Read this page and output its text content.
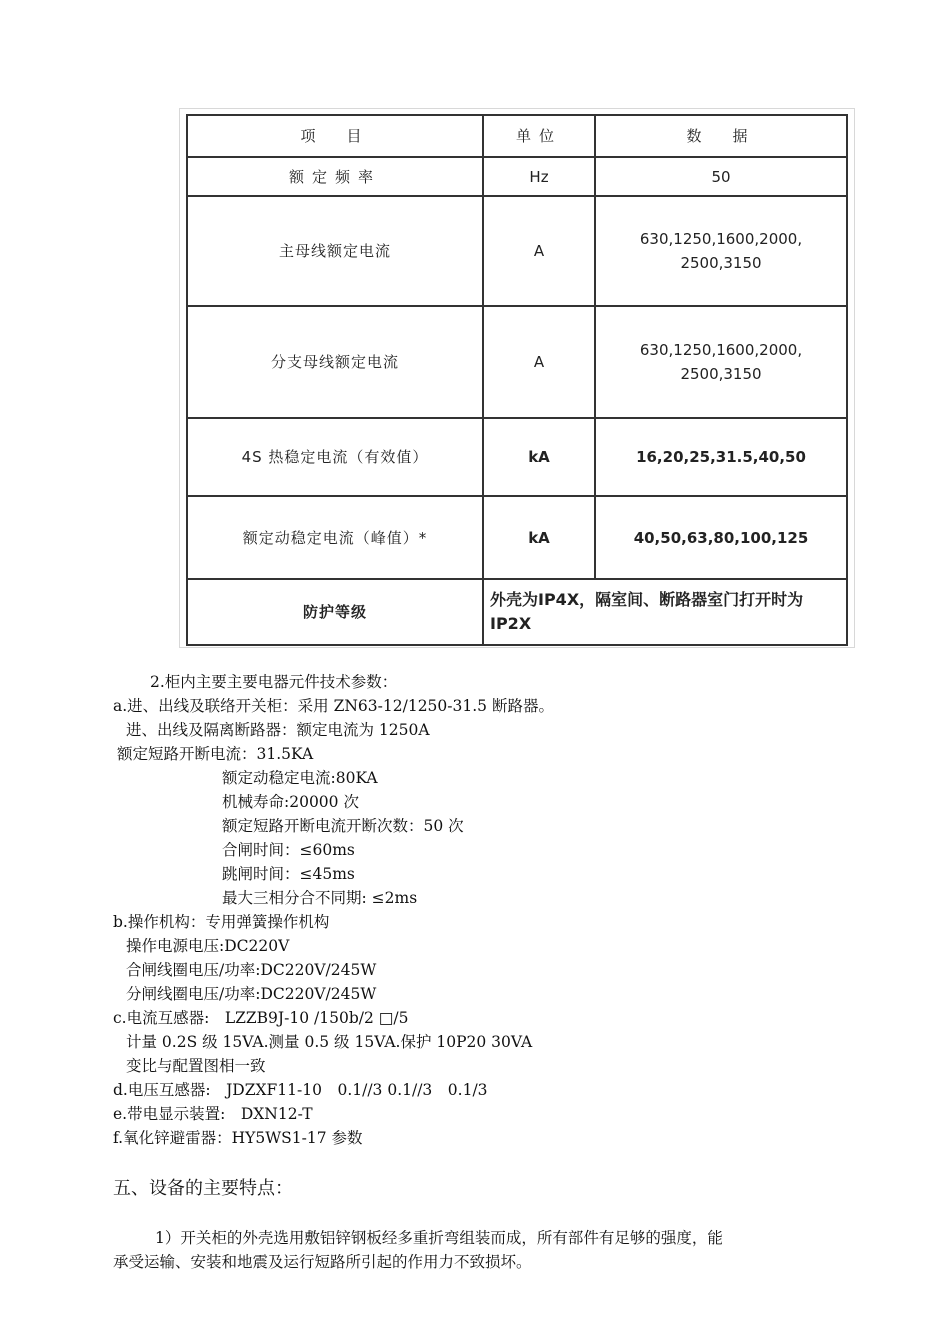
项　目	单位	数　据
额定频率	Hz	50
主母线额定电流	A	630,1250,1600,2000,
2500,3150
分支母线额定电流	A	630,1250,1600,2000,
2500,3150
4S 热稳定电流（有效值）	kA	16,20,25,31.5,40,50
额定动稳定电流（峰值）*	kA	40,50,63,80,100,125
防护等级	外壳为IP4X，隔室间、断路器室门打开时为IP2X	
2.柜内主要主要电器元件技术参数：
a.进、出线及联络开关柜：采用 ZN63-12/1250-31.5 断路器。
进、出线及隔离断路器：额定电流为 1250A
额定短路开断电流：31.5KA
额定动稳定电流:80KA
机械寿命:20000 次
额定短路开断电流开断次数：50 次
合闸时间：≤60ms
跳闸时间：≤45ms
最大三相分合不同期: ≤2ms
b.操作机构：专用弹簧操作机构
操作电源电压:DC220V
合闸线圈电压/功率:DC220V/245W
分闸线圈电压/功率:DC220V/245W
c.电流互感器:　LZZB9J-10 /150b/2 □/5
计量 0.2S 级 15VA.测量 0.5 级 15VA.保护 10P20 30VA
变比与配置图相一致
d.电压互感器:　JDZXF11-10　0.1//3 0.1//3　0.1/3
e.带电显示装置:　DXN12-T
f.氧化锌避雷器：HY5WS1-17 参数
五、设备的主要特点：
1）开关柜的外壳选用敷铝锌钢板经多重折弯组装而成，所有部件有足够的强度，能
承受运输、安装和地震及运行短路所引起的作用力不致损坏。
